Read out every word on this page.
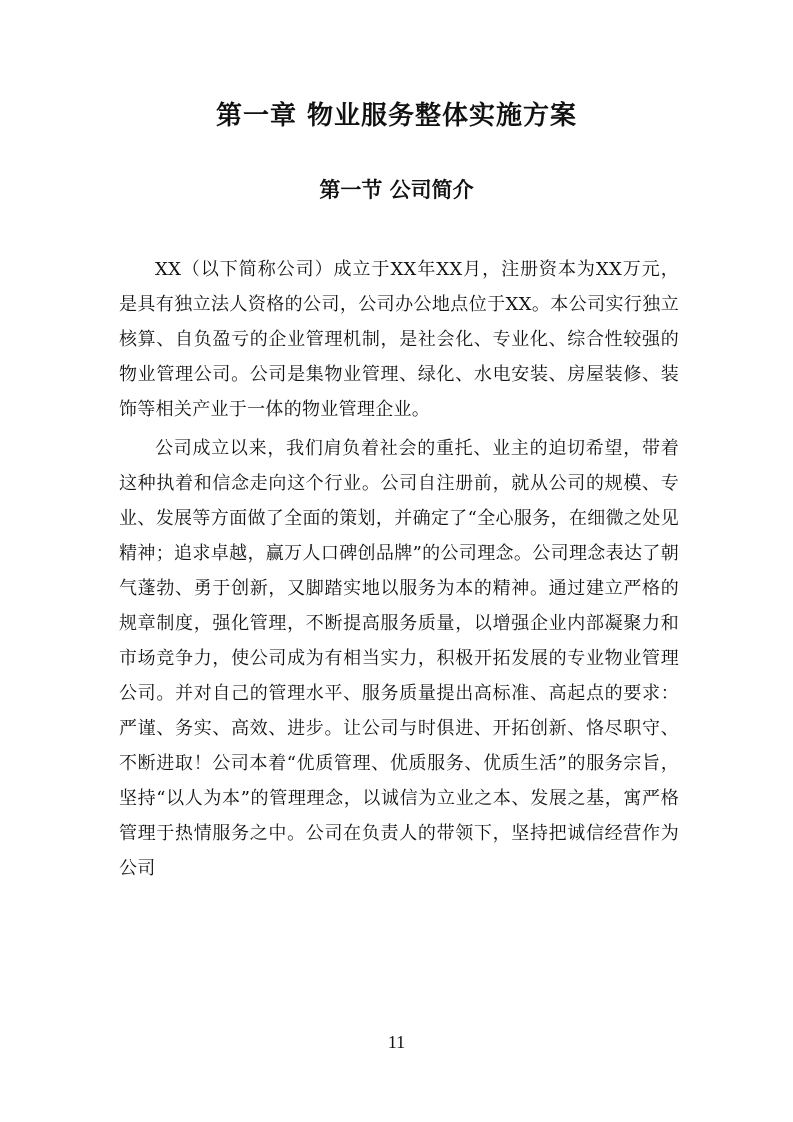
第一章 物业服务整体实施方案
第一节 公司简介

XX（以下简称公司）成立于XX年XX月，注册资本为XX万元，是具有独立法人资格的公司，公司办公地点位于XX。本公司实行独立核算、自负盈亏的企业管理机制，是社会化、专业化、综合性较强的物业管理公司。公司是集物业管理、绿化、水电安装、房屋装修、装饰等相关产业于一体的物业管理企业。

公司成立以来，我们肩负着社会的重托、业主的迫切希望，带着这种执着和信念走向这个行业。公司自注册前，就从公司的规模、专业、发展等方面做了全面的策划，并确定了“全心服务，在细微之处见精神；追求卓越，赢万人口碑创品牌”的公司理念。公司理念表达了朝气蓬勃、勇于创新，又脚踏实地以服务为本的精神。通过建立严格的规章制度，强化管理，不断提高服务质量，以增强企业内部凝聚力和市场竞争力，使公司成为有相当实力，积极开拓发展的专业物业管理公司。并对自己的管理水平、服务质量提出高标准、高起点的要求：严谨、务实、高效、进步。让公司与时俱进、开拓创新、恪尽职守、不断进取！公司本着“优质管理、优质服务、优质生活”的服务宗旨，坚持“以人为本”的管理理念，以诚信为立业之本、发展之基，寓严格管理于热情服务之中。公司在负责人的带领下，坚持把诚信经营作为公司

11
